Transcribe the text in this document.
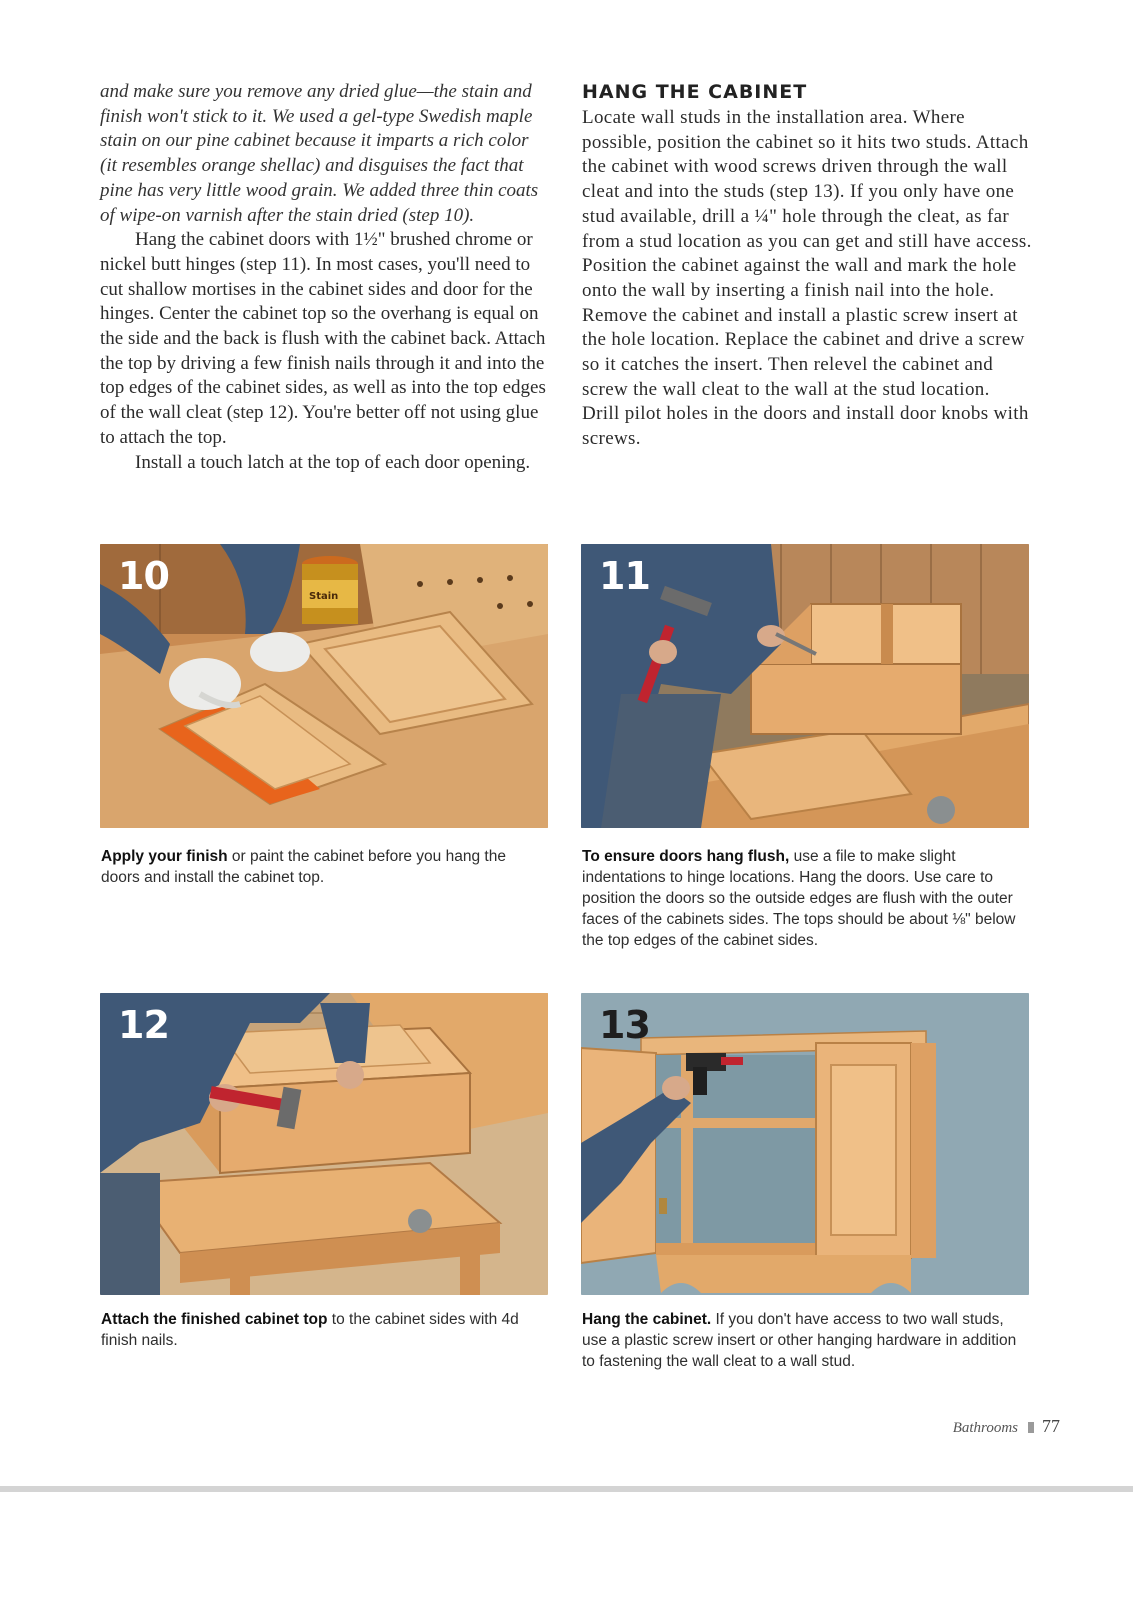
and make sure you remove any dried glue—the stain and finish won't stick to it. We used a gel-type Swedish maple stain on our pine cabinet because it imparts a rich color (it resembles orange shellac) and disguises the fact that pine has very little wood grain. We added three thin coats of wipe-on varnish after the stain dried (step 10).

Hang the cabinet doors with 1½" brushed chrome or nickel butt hinges (step 11). In most cases, you'll need to cut shallow mortises in the cabinet sides and door for the hinges. Center the cabinet top so the overhang is equal on the side and the back is flush with the cabinet back. Attach the top by driving a few finish nails through it and into the top edges of the cabinet sides, as well as into the top edges of the wall cleat (step 12). You're better off not using glue to attach the top.

Install a touch latch at the top of each door opening.

HANG THE CABINET

Locate wall studs in the installation area. Where possible, position the cabinet so it hits two studs. Attach the cabinet with wood screws driven through the wall cleat and into the studs (step 13). If you only have one stud available, drill a ¼" hole through the cleat, as far from a stud location as you can get and still have access. Position the cabinet against the wall and mark the hole onto the wall by inserting a finish nail into the hole. Remove the cabinet and install a plastic screw insert at the hole location. Replace the cabinet and drive a screw so it catches the insert. Then relevel the cabinet and screw the wall cleat to the wall at the stud location. Drill pilot holes in the doors and install door knobs with screws.

Stain
10	11
12	13

Apply your finish or paint the cabinet before you hang the doors and install the cabinet top.

To ensure doors hang flush, use a file to make slight indentations to hinge locations. Hang the doors. Use care to position the doors so the outside edges are flush with the outer faces of the cabinets sides. The tops should be about ⅛" below the top edges of the cabinet sides.

Attach the finished cabinet top to the cabinet sides with 4d finish nails.

Hang the cabinet. If you don't have access to two wall studs, use a plastic screw insert or other hanging hardware in addition to fastening the wall cleat to a wall stud.

Bathrooms 77
